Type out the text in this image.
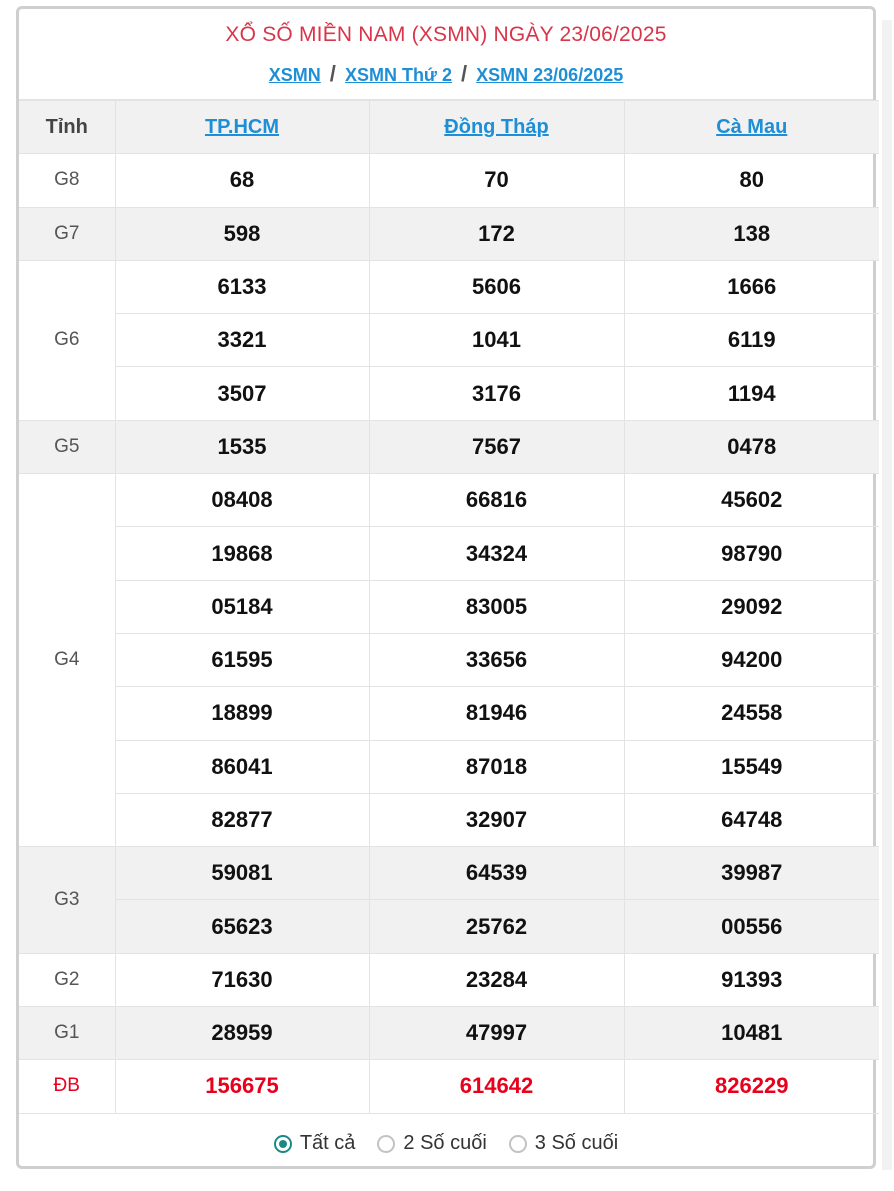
XỔ SỐ MIỀN NAM (XSMN) NGÀY 23/06/2025
XSMN / XSMN Thứ 2 / XSMN 23/06/2025
Tỉnh	TP.HCM	Đồng Tháp	Cà Mau
G8	68	70	80
G7	598	172	138
G6	6133	5606	1666
	3321	1041	6119
	3507	3176	1194
G5	1535	7567	0478
G4	08408	66816	45602
	19868	34324	98790
	05184	83005	29092
	61595	33656	94200
	18899	81946	24558
	86041	87018	15549
	82877	32907	64748
G3	59081	64539	39987
	65623	25762	00556
G2	71630	23284	91393
G1	28959	47997	10481
ĐB	156675	614642	826229
Tất cả 2 Số cuối 3 Số cuối
